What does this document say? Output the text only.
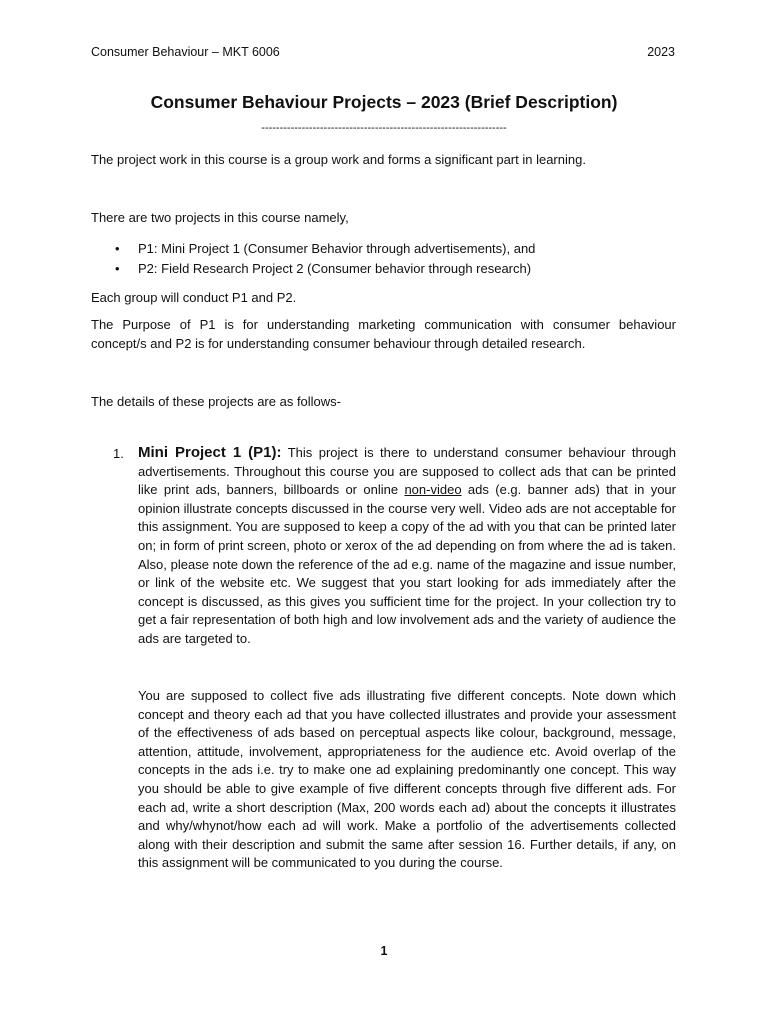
Consumer Behaviour – MKT 6006	2023
Consumer Behaviour Projects – 2023 (Brief Description)
-------------------------------------------------------------------

The project work in this course is a group work and forms a significant part in learning.

There are two projects in this course namely,

• P1: Mini Project 1 (Consumer Behavior through advertisements), and
• P2: Field Research Project 2 (Consumer behavior through research)

Each group will conduct P1 and P2.

The Purpose of P1 is for understanding marketing communication with consumer behaviour concept/s and P2 is for understanding consumer behaviour through detailed research.

The details of these projects are as follows-

1. Mini Project 1 (P1): This project is there to understand consumer behaviour through advertisements. Throughout this course you are supposed to collect ads that can be printed like print ads, banners, billboards or online non-video ads (e.g. banner ads) that in your opinion illustrate concepts discussed in the course very well. Video ads are not acceptable for this assignment. You are supposed to keep a copy of the ad with you that can be printed later on; in form of print screen, photo or xerox of the ad depending on from where the ad is taken. Also, please note down the reference of the ad e.g. name of the magazine and issue number, or link of the website etc. We suggest that you start looking for ads immediately after the concept is discussed, as this gives you sufficient time for the project. In your collection try to get a fair representation of both high and low involvement ads and the variety of audience the ads are targeted to.

You are supposed to collect five ads illustrating five different concepts. Note down which concept and theory each ad that you have collected illustrates and provide your assessment of the effectiveness of ads based on perceptual aspects like colour, background, message, attention, attitude, involvement, appropriateness for the audience etc. Avoid overlap of the concepts in the ads i.e. try to make one ad explaining predominantly one concept. This way you should be able to give example of five different concepts through five different ads. For each ad, write a short description (Max, 200 words each ad) about the concepts it illustrates and why/whynot/how each ad will work. Make a portfolio of the advertisements collected along with their description and submit the same after session 16. Further details, if any, on this assignment will be communicated to you during the course.

1
